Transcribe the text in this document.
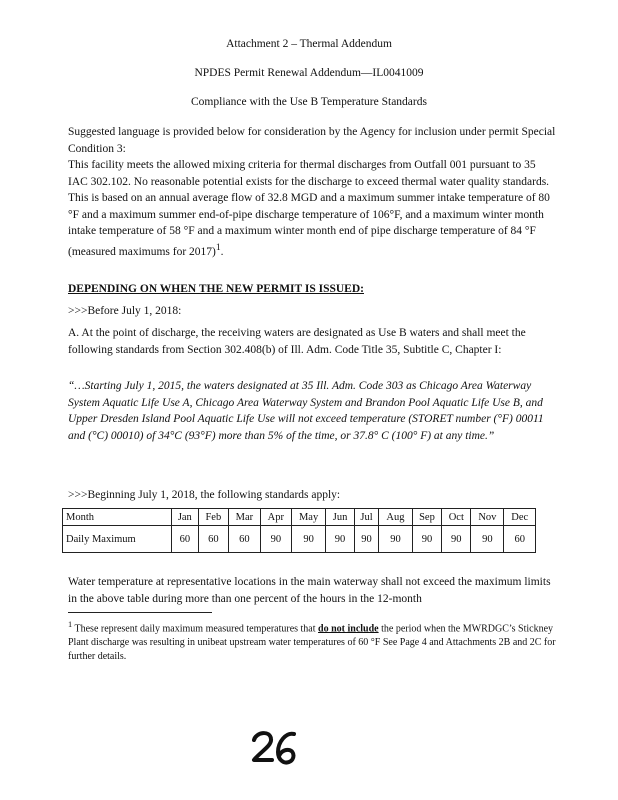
Attachment 2 – Thermal Addendum
NPDES Permit Renewal Addendum—IL0041009
Compliance with the Use B Temperature Standards

Suggested language is provided below for consideration by the Agency for inclusion under permit Special Condition 3:

This facility meets the allowed mixing criteria for thermal discharges from Outfall 001 pursuant to 35 IAC 302.102. No reasonable potential exists for the discharge to exceed thermal water quality standards. This is based on an annual average flow of 32.8 MGD and a maximum summer intake temperature of 80 °F and a maximum summer end-of-pipe discharge temperature of 106°F, and a maximum winter month intake temperature of 58 °F and a maximum winter month end of pipe discharge temperature of 84 °F (measured maximums for 2017)$^1$.

DEPENDING ON WHEN THE NEW PERMIT IS ISSUED:
>>>Before July 1, 2018:

A. At the point of discharge, the receiving waters are designated as Use B waters and shall meet the following standards from Section 302.408(b) of Ill. Adm. Code Title 35, Subtitle C, Chapter I:

“…Starting July 1, 2015, the waters designated at 35 Ill. Adm. Code 303 as Chicago Area Waterway System Aquatic Life Use A, Chicago Area Waterway System and Brandon Pool Aquatic Life Use B, and Upper Dresden Island Pool Aquatic Life Use will not exceed temperature (STORET number (°F) 00011 and (°C) 00010) of 34°C (93°F) more than 5% of the time, or 37.8° C (100° F) at any time.”

>>>Beginning July 1, 2018, the following standards apply:
Month	Jan	Feb	Mar	Apr	May	Jun	Jul	Aug	Sep	Oct	Nov	Dec
Daily Maximum	60	60	60	90	90	90	90	90	90	90	90	60

Water temperature at representative locations in the main waterway shall not exceed the maximum limits in the above table during more than one percent of the hours in the 12-month

$^1$ These represent daily maximum measured temperatures that do not include the period when the MWRDGC’s Stickney Plant discharge was resulting in unibeat upstream water temperatures of 60 °F See Page 4 and Attachments 2B and 2C for further details.
